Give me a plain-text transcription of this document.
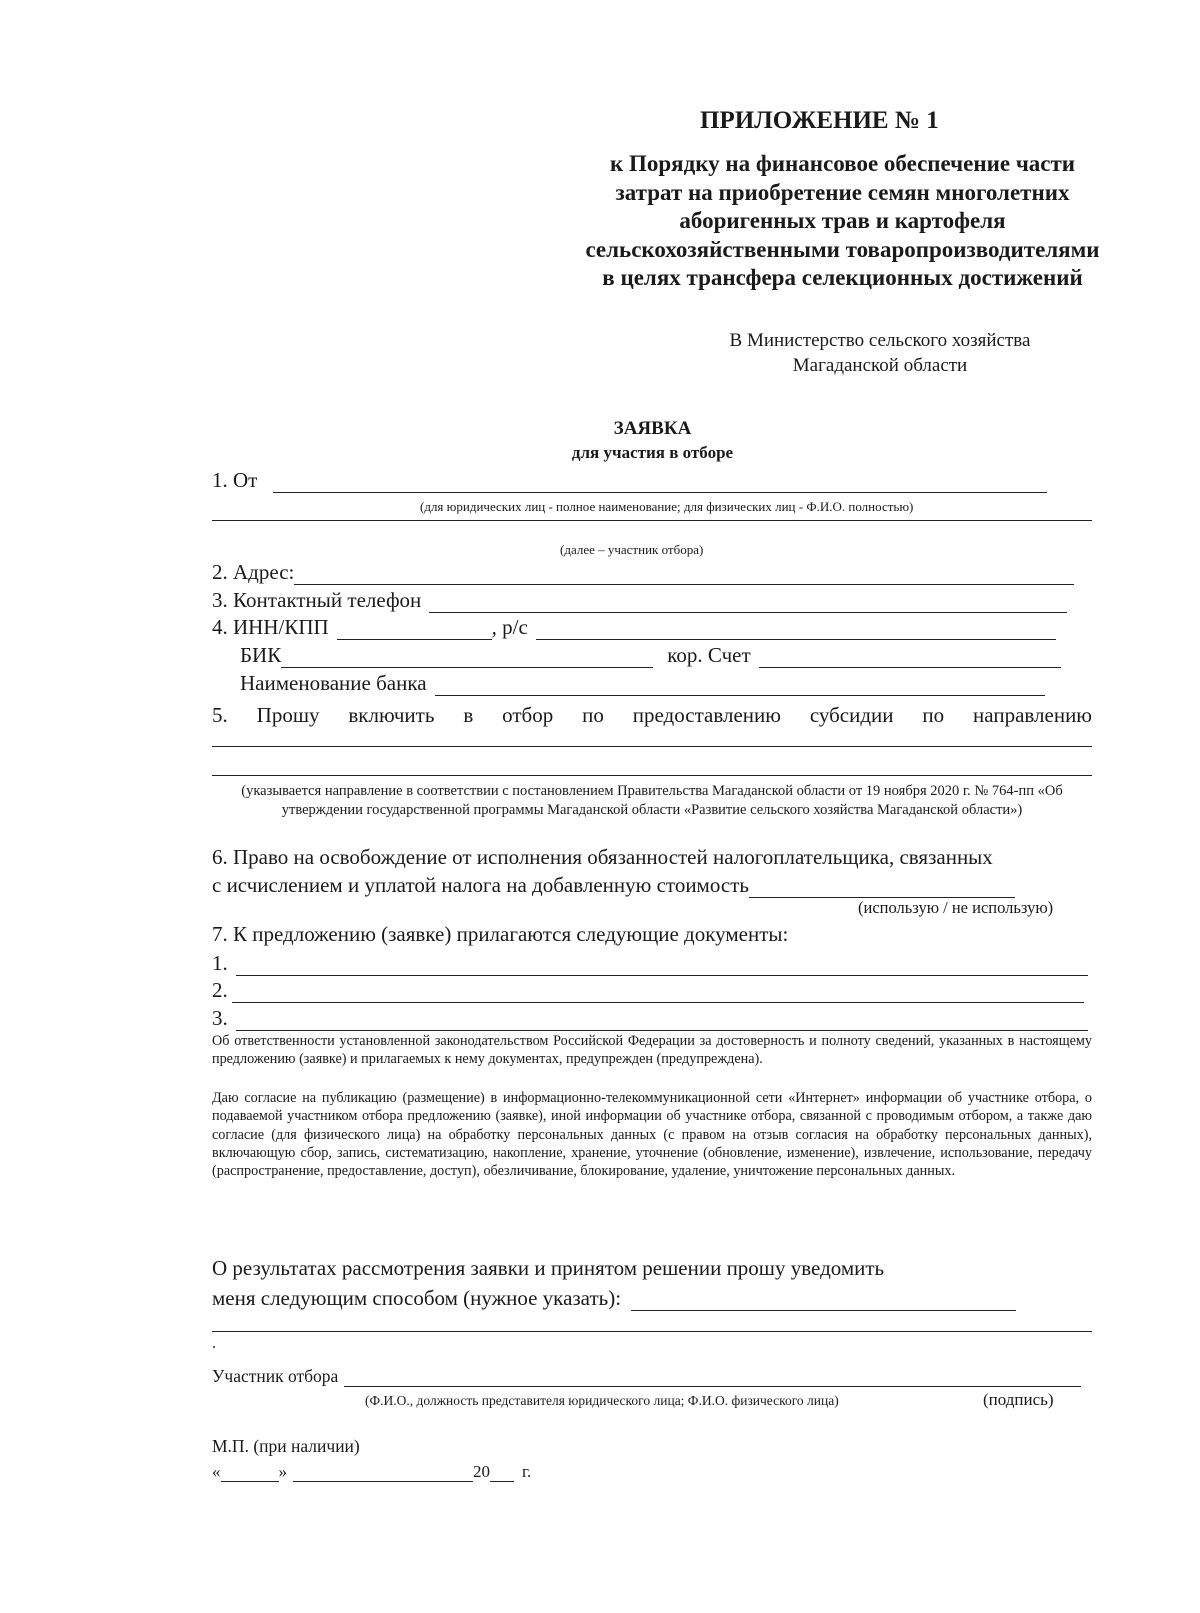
ПРИЛОЖЕНИЕ № 1
к Порядку на финансовое обеспечение части затрат на приобретение семян многолетних аборигенных трав и картофеля сельскохозяйственными товаропроизводителями в целях трансфера селекционных достижений
В Министерство сельского хозяйства Магаданской области
ЗАЯВКА
для участия в отборе
1. От
(для юридических лиц - полное наименование; для физических лиц - Ф.И.О. полностью)
(далее – участник отбора)
2. Адрес:
3. Контактный телефон
4. ИНН/КПП	, р/с
БИК	кор. Счет
Наименование банка
5. Прошу включить в отбор по предоставлению субсидии по направлению
(указывается направление в соответствии с постановлением Правительства Магаданской области от 19 ноября 2020 г. № 764-пп «Об утверждении государственной программы Магаданской области «Развитие сельского хозяйства Магаданской области»)
6. Право на освобождение от исполнения обязанностей налогоплательщика, связанных
с исчислением и уплатой налога на добавленную стоимость
(использую / не использую)
7. К предложению (заявке) прилагаются следующие документы:
1.
2.
3.
Об ответственности установленной законодательством Российской Федерации за достоверность и полноту сведений, указанных в настоящему предложению (заявке) и прилагаемых к нему документах, предупрежден (предупреждена).
Даю согласие на публикацию (размещение) в информационно-телекоммуникационной сети «Интернет» информации об участнике отбора, о подаваемой участником отбора предложению (заявке), иной информации об участнике отбора, связанной с проводимым отбором, а также даю согласие (для физического лица) на обработку персональных данных (с правом на отзыв согласия на обработку персональных данных), включающую сбор, запись, систематизацию, накопление, хранение, уточнение (обновление, изменение), извлечение, использование, передачу (распространение, предоставление, доступ), обезличивание, блокирование, удаление, уничтожение персональных данных.
О результатах рассмотрения заявки и принятом решении прошу уведомить
меня следующим способом (нужное указать):
.
Участник отбора
(Ф.И.О., должность представителя юридического лица; Ф.И.О. физического лица)	(подпись)
М.П. (при наличии)
«	»	20 г.
